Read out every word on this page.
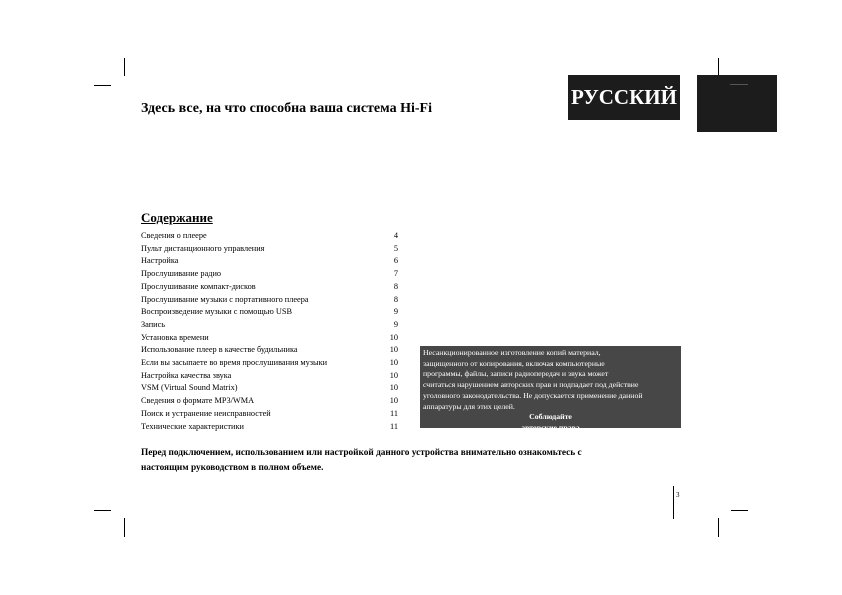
РУССКИЙ
Здесь все, на что способна ваша система Hi-Fi
Содержание
Сведения о плеере	4
Пульт дистанционного управления	5
Настройка	6
Прослушивание радио	7
Прослушивание компакт-дисков	8
Прослушивание музыки с портативного плеера	8
Воспроизведение музыки с помощью USB	9
Запись	9
Установка времени	10
Использование плеер в качестве будильника	10
Если вы засыпаете во время прослушивания музыки	10
Настройка качества звука	10
VSM (Virtual Sound Matrix)	10
Сведения о формате MP3/WMA	10
Поиск и устранение неисправностей	11
Технические характеристики	11

Несанкционированное изготовление копий материал,

защищенного от копирования, включая компьютерные

программы, файлы, записи радиопередач и звука может

считаться нарушением авторских прав и подпадает под действие

уголовного законодательства. Не допускается применение данной

аппаратуры для этих целей.

Соблюдайте

авторские права

Перед подключением, использованием или настройкой данного устройства внимательно ознакомьтесь с
настоящим руководством в полном объеме.
3
